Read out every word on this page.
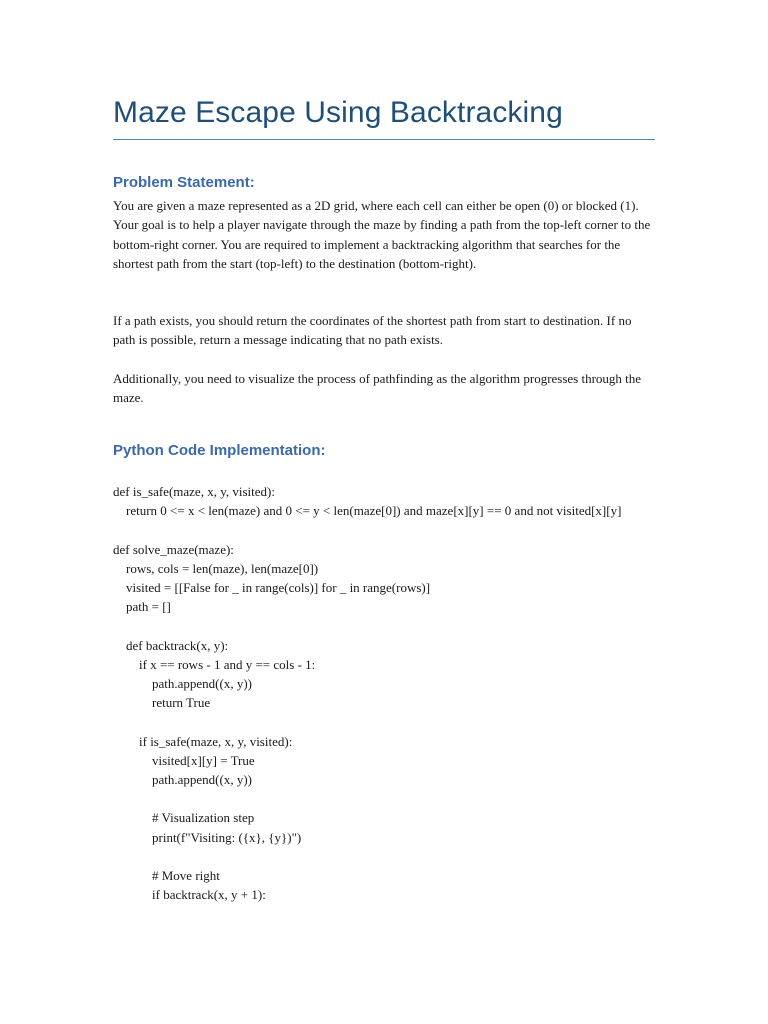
Maze Escape Using Backtracking
Problem Statement:

You are given a maze represented as a 2D grid, where each cell can either be open (0) or blocked (1). Your goal is to help a player navigate through the maze by finding a path from the top-left corner to the bottom-right corner. You are required to implement a backtracking algorithm that searches for the shortest path from the start (top-left) to the destination (bottom-right).

If a path exists, you should return the coordinates of the shortest path from start to destination. If no path is possible, return a message indicating that no path exists.

Additionally, you need to visualize the process of pathfinding as the algorithm progresses through the maze.

Python Code Implementation:
def is_safe(maze, x, y, visited):
return 0 <= x < len(maze) and 0 <= y < len(maze[0]) and maze[x][y] == 0 and not visited[x][y]
def solve_maze(maze):
rows, cols = len(maze), len(maze[0])
visited = [[False for _ in range(cols)] for _ in range(rows)]
path = []
def backtrack(x, y):
if x == rows - 1 and y == cols - 1:
path.append((x, y))
return True
if is_safe(maze, x, y, visited):
visited[x][y] = True
path.append((x, y))
# Visualization step
print(f"Visiting: ({x}, {y})")
# Move right
if backtrack(x, y + 1):
